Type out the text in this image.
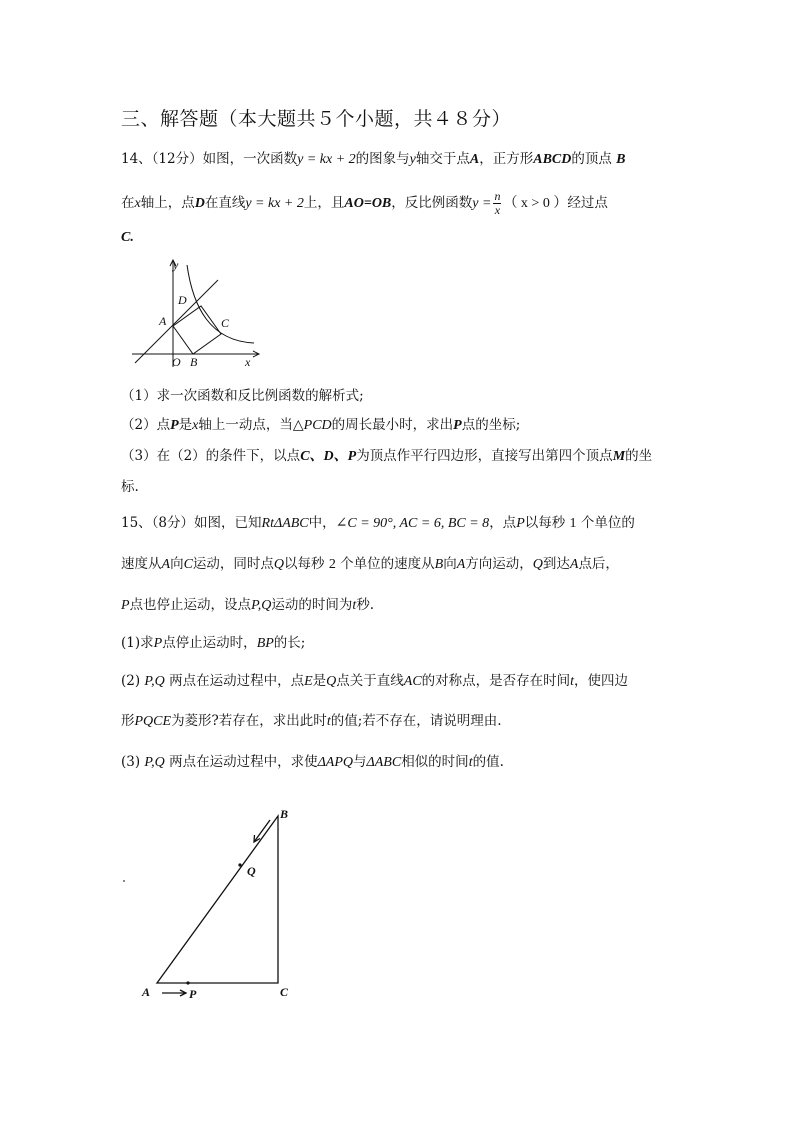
三、解答题（本大题共５个小题，共４８分）
14、（12分）如图，一次函数y = kx + 2的图象与y轴交于点A，正方形ABCD的顶点 B
在x轴上，点D在直线y = kx + 2上，且AO=OB，反比例函数$y = \frac{n}{x}$ （ x > 0 ）经过点
C.
y
D
A	C
O B	x
（1）求一次函数和反比例函数的解析式;
（2）点P是x轴上一动点，当△PCD的周长最小时，求出P点的坐标;
（3）在（2）的条件下，以点C、D、P为顶点作平行四边形，直接写出第四个顶点M的坐
标.
15、（8分）如图，已知RtΔABC中，∠C = 90°, AC = 6, BC = 8，点P以每秒 1 个单位的
速度从A向C运动，同时点Q以每秒 2 个单位的速度从B向A方向运动，Q到达A点后，
P点也停止运动，设点P,Q运动的时间为t秒.
(1)求P点停止运动时，BP的长;
(2) P,Q 两点在运动过程中，点E是Q点关于直线AC的对称点，是否存在时间t，使四边
形PQCE为菱形?若存在，求出此时t的值;若不存在，请说明理由.
(3) P,Q 两点在运动过程中，求使ΔAPQ与ΔABC相似的时间t的值.
B
Q
A	P	C
